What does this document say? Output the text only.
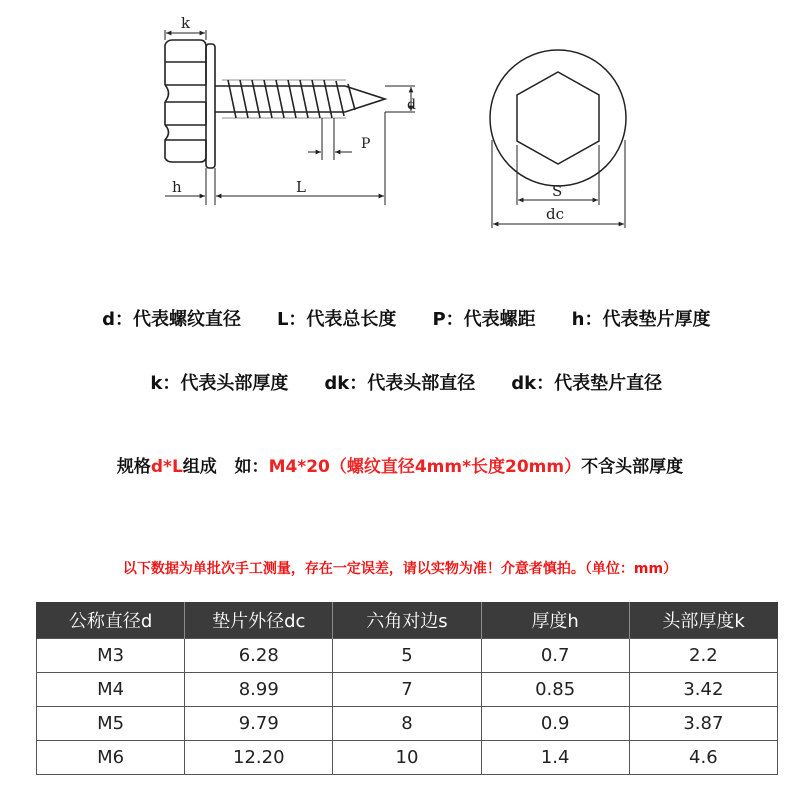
k
d
P
h	L	S
dc

d：代表螺纹直径 L：代表总长度 P：代表螺距 h：代表垫片厚度

k：代表头部厚度 dk：代表头部直径 dk：代表垫片直径

规格d*L组成   如：M4*20（螺纹直径4mm*长度20mm）不含头部厚度
以下数据为单批次手工测量，存在一定误差，请以实物为准！介意者慎拍。（单位：mm）
公称直径d	垫片外径dc	六角对边s	厚度h	头部厚度k
M3	6.28	5	0.7	2.2
M4	8.99	7	0.85	3.42
M5	9.79	8	0.9	3.87
M6	12.20	10	1.4	4.6
